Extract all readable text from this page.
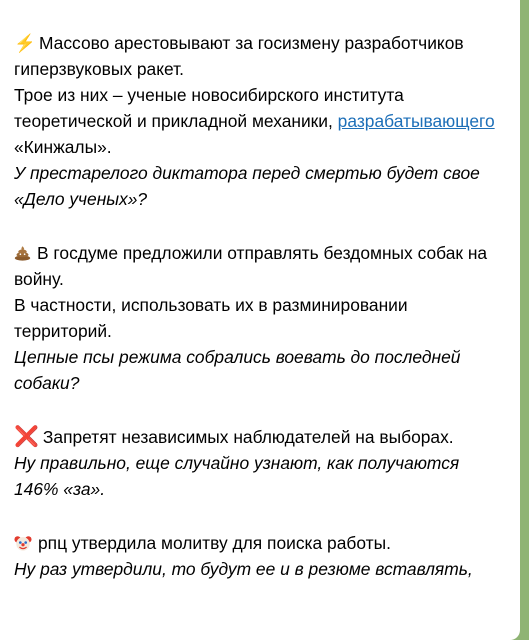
⚡ Массово арестовывают за госизмену разработчиков гиперзвуковых ракет.

Трое из них – ученые новосибирского института теоретической и прикладной механики, разрабатывающего «Кинжалы».

У престарелого диктатора перед смертью будет свое «Дело ученых»?

В госдуме предложили отправлять бездомных собак на войну.

В частности, использовать их в разминировании территорий.

Цепные псы режима собрались воевать до последней собаки?

❌ Запретят независимых наблюдателей на выборах.

Ну правильно, еще случайно узнают, как получаются 146% «за».

рпц утвердила молитву для поиска работы.

Ну раз утвердили, то будут ее и в резюме вставлять,
